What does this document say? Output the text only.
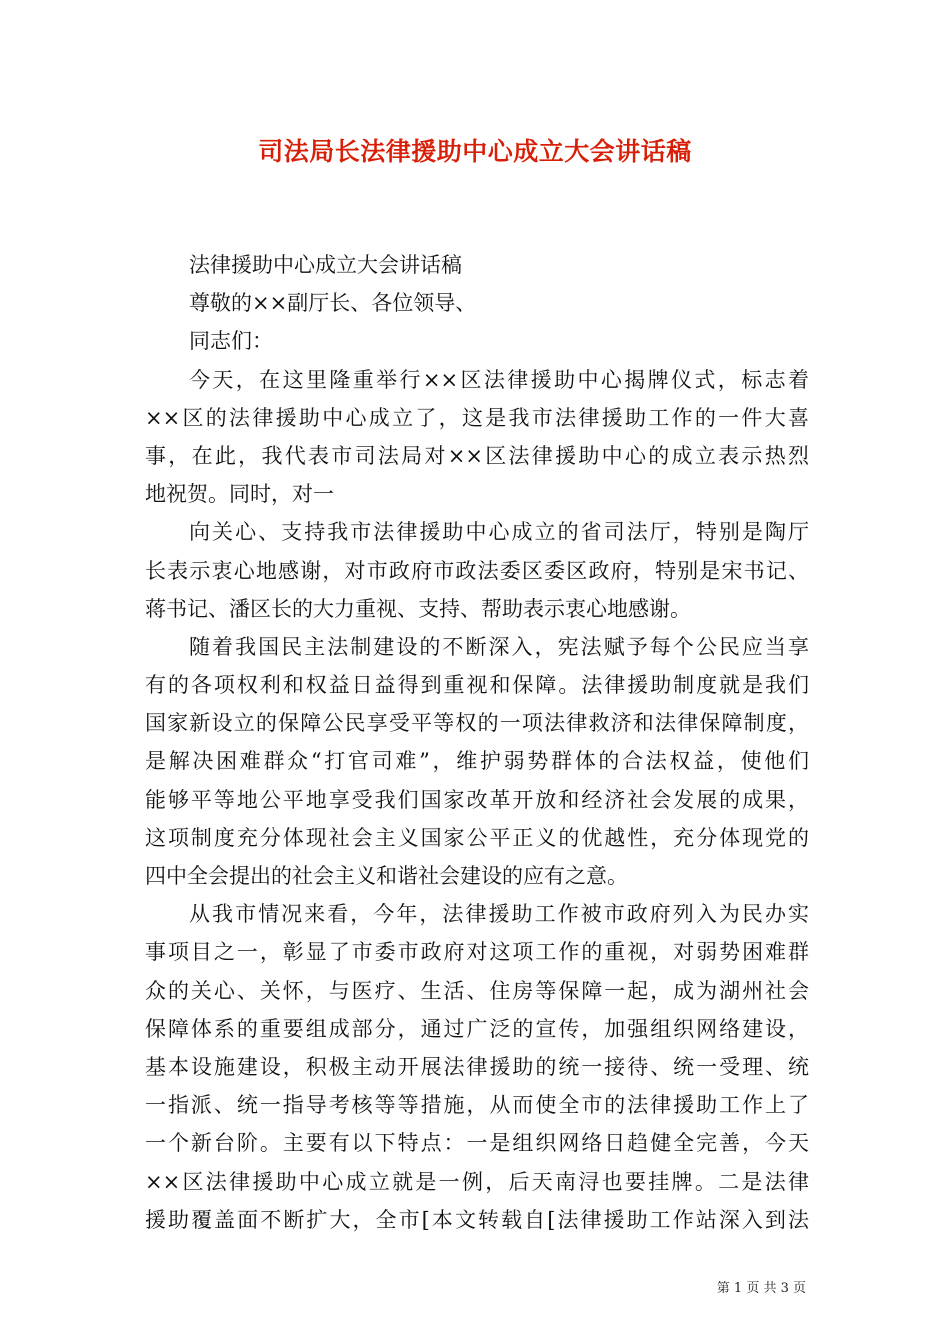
司法局长法律援助中心成立大会讲话稿

法律援助中心成立大会讲话稿

尊敬的××副厅长、各位领导、

同志们：

今天，在这里隆重举行××区法律援助中心揭牌仪式，标志着

××区的法律援助中心成立了，这是我市法律援助工作的一件大喜

事，在此，我代表市司法局对××区法律援助中心的成立表示热烈

地祝贺。同时，对一

向关心、支持我市法律援助中心成立的省司法厅，特别是陶厅

长表示衷心地感谢，对市政府市政法委区委区政府，特别是宋书记、

蒋书记、潘区长的大力重视、支持、帮助表示衷心地感谢。

随着我国民主法制建设的不断深入，宪法赋予每个公民应当享

有的各项权利和权益日益得到重视和保障。法律援助制度就是我们

国家新设立的保障公民享受平等权的一项法律救济和法律保障制度，

是解决困难群众“打官司难”，维护弱势群体的合法权益，使他们

能够平等地公平地享受我们国家改革开放和经济社会发展的成果，

这项制度充分体现社会主义国家公平正义的优越性，充分体现党的

四中全会提出的社会主义和谐社会建设的应有之意。

从我市情况来看，今年，法律援助工作被市政府列入为民办实

事项目之一，彰显了市委市政府对这项工作的重视，对弱势困难群

众的关心、关怀，与医疗、生活、住房等保障一起，成为湖州社会

保障体系的重要组成部分，通过广泛的宣传，加强组织网络建设，

基本设施建设，积极主动开展法律援助的统一接待、统一受理、统

一指派、统一指导考核等等措施，从而使全市的法律援助工作上了

一个新台阶。主要有以下特点：一是组织网络日趋健全完善，今天

××区法律援助中心成立就是一例，后天南浔也要挂牌。二是法律

援助覆盖面不断扩大，全市[本文转载自[法律援助工作站深入到法

第 1 页 共 3 页
